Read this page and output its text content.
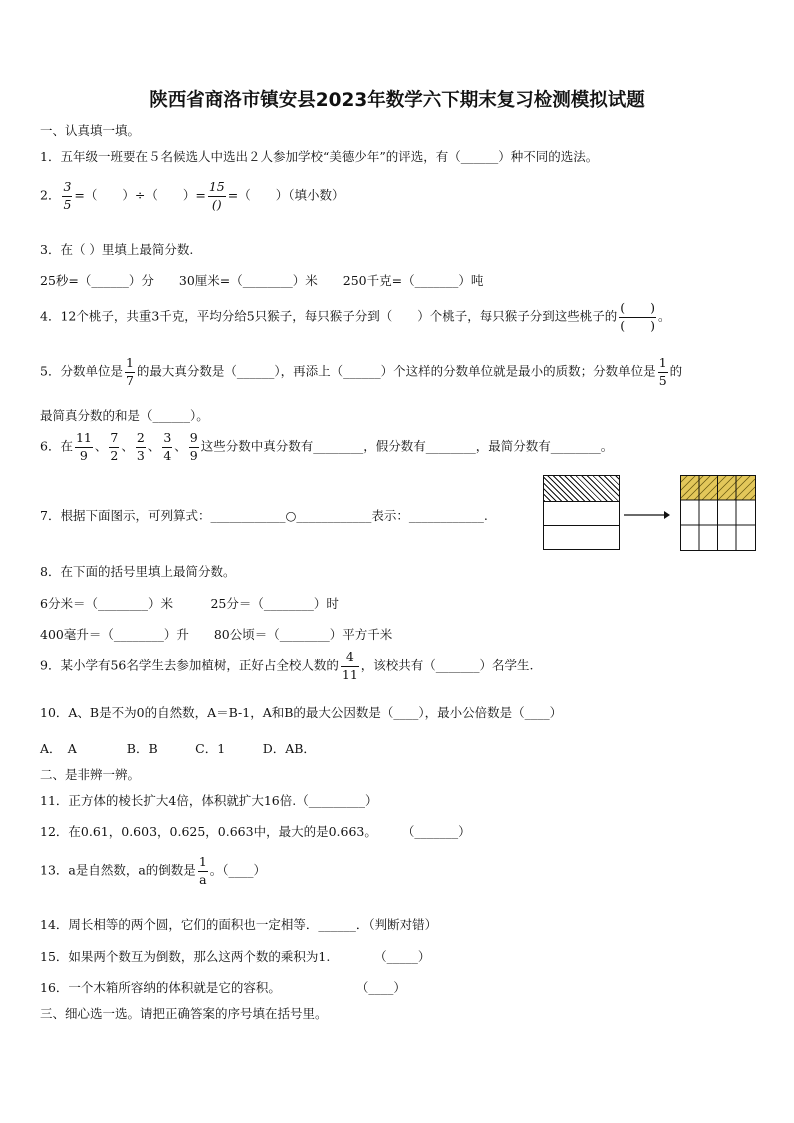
陕西省商洛市镇安县2023年数学六下期末复习检测模拟试题
一、认真填一填。
1．五年级一班要在５名候选人中选出２人参加学校“美德少年”的评选，有（______）种不同的选法。
2． $\frac{3}{5}$ =（　　）÷（　　）= $\frac{15}{()}$ =（　　）（填小数）
3．在（ ）里填上最简分数.
25秒=（______）分　　30厘米=（________）米　　250千克=（_______）吨
4．12个桃子，共重3千克，平均分给5只猴子，每只猴子分到（　　）个桃子，每只猴子分到这些桃子的 $\frac{( )}{( )}$ 。
5．分数单位是 $\frac{1}{7}$ 的最大真分数是（______），再添上（______）个这样的分数单位就是最小的质数；分数单位是 $\frac{1}{5}$ 的
最简真分数的和是（______）。
6．在 $\frac{11}{9}$ 、 $\frac{7}{2}$ 、 $\frac{2}{3}$ 、 $\frac{3}{4}$ 、 $\frac{9}{9}$ 这些分数中真分数有________，假分数有________，最简分数有________。
7．根据下面图示，可列算式：____________○____________表示：____________.
8．在下面的括号里填上最简分数。
6分米＝（________）米　　　25分＝（________）时
400毫升＝（________）升　　80公顷＝（________）平方千米
9．某小学有56名学生去参加植树，正好占全校人数的 $\frac{4}{11}$ ，该校共有（_______）名学生.
10．A、B是不为0的自然数，A＝B-1，A和B的最大公因数是（____），最小公倍数是（____）
A．　A　　　　B．B　　　C．1　　　D．AB．
二、是非辨一辨。
11．正方体的棱长扩大4倍，体积就扩大16倍.（_________）
12．在0.61，0.603，0.625，0.663中，最大的是0.663。　　　（_______）
13．a是自然数，a的倒数是 $\frac{1}{a}$ 。（____）
14．周长相等的两个圆，它们的面积也一定相等．______．（判断对错）
15．如果两个数互为倒数，那么这两个数的乘积为1.　　　　（_____）
16．一个木箱所容纳的体积就是它的容积。　　　　　　　（____）
三、细心选一选。请把正确答案的序号填在括号里。
